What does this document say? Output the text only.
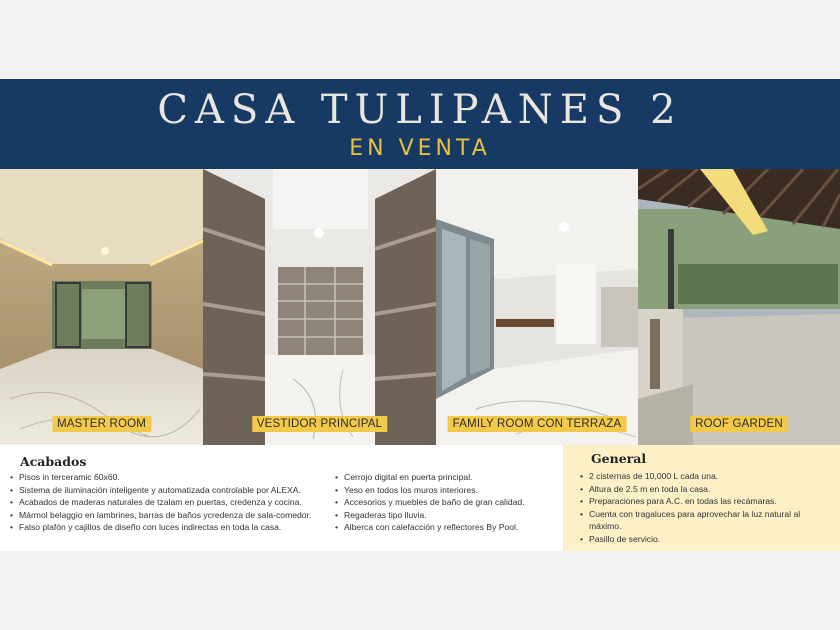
CASA TULIPANES 2
EN VENTA
MASTER ROOM	VESTIDOR PRINCIPAL	FAMILY ROOM CON TERRAZA	ROOF GARDEN
Acabados
• Pisos in terceramic 60x60.
• Sistema de iluminación inteligente y automatizada controlable por ALEXA.
• Acabados de maderas naturales de tzalam en puertas, credenza y cocina.
• Mármol belaggio en lambrines, barras de baños ycredenza de sala-comedor.
• Falso plafón y cajillos de diseño con luces indirectas en toda la casa.
• Cerrojo digital en puerta principal.
• Yeso en todos los muros interiores.
• Accesorios y muebles de baño de gran calidad.
• Regaderas tipo lluvia.
• Alberca con calefacción y reflectores By Pool.
General
• 2 cisternas de 10,000 L cada una.
• Altura de 2.5 m en toda la casa.
• Preparaciones para A.C. en todas las recámaras.
• Cuenta con tragaluces para aprovechar la luz natural al máximo.
• Pasillo de servicio.
